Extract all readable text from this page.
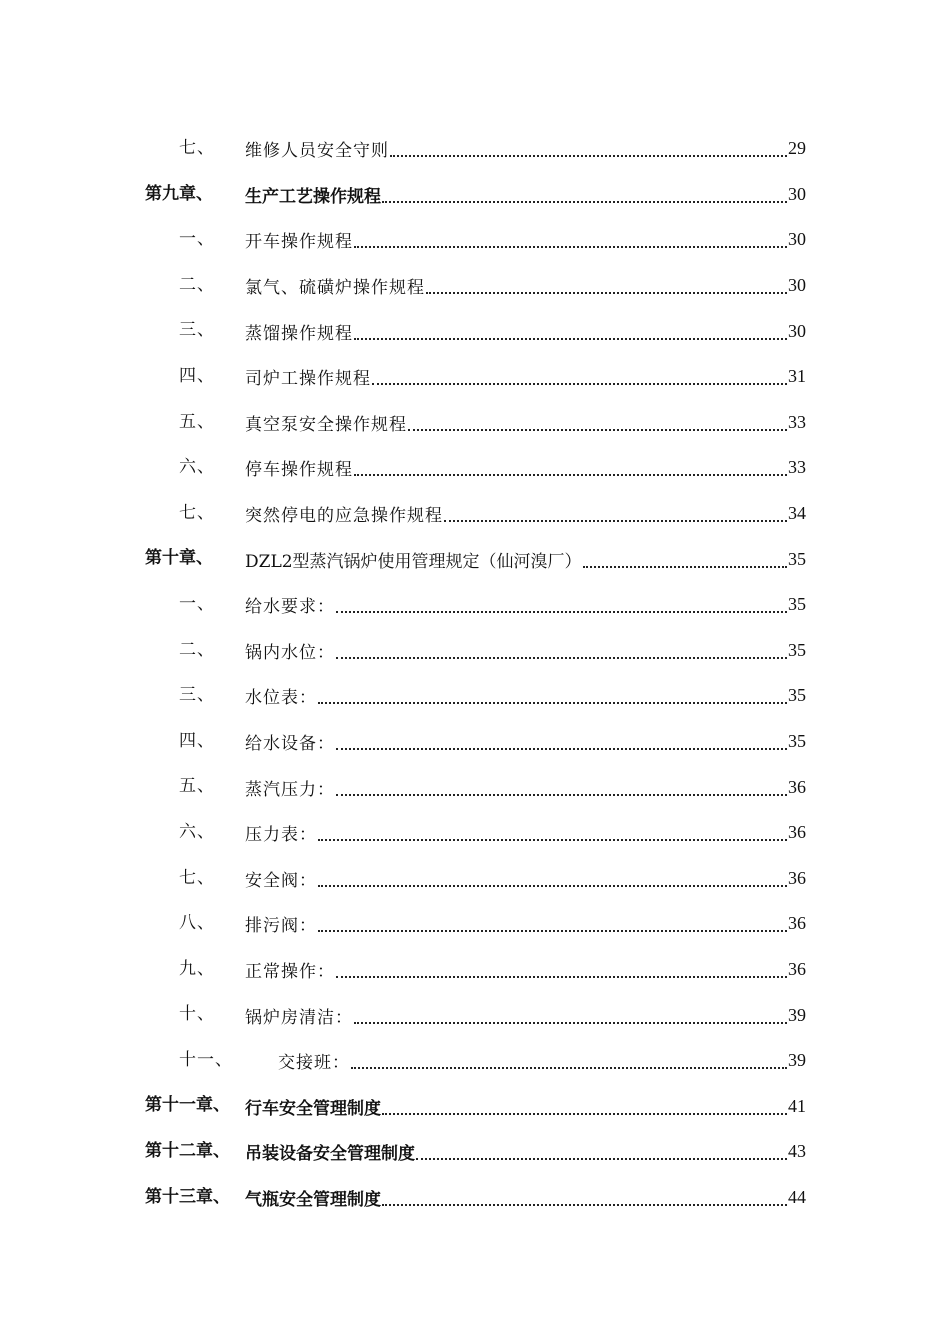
七、 维修人员安全守则	29
第九章、 生产工艺操作规程	30
一、 开车操作规程	30
二、 氯气、硫磺炉操作规程	30
三、 蒸馏操作规程	30
四、 司炉工操作规程	31
五、 真空泵安全操作规程	33
六、 停车操作规程	33
七、 突然停电的应急操作规程	34
第十章、 DZL2型蒸汽锅炉使用管理规定（仙河溴厂）	35
一、 给水要求：	35
二、 锅内水位：	35
三、 水位表：	35
四、 给水设备：	35
五、 蒸汽压力：	36
六、 压力表：	36
七、 安全阀：	36
八、 排污阀：	36
九、 正常操作：	36
十、 锅炉房清洁：	39
十一、	交接班：	39
第十一章、 行车安全管理制度	41
第十二章、 吊装设备安全管理制度	43
第十三章、 气瓶安全管理制度	44
